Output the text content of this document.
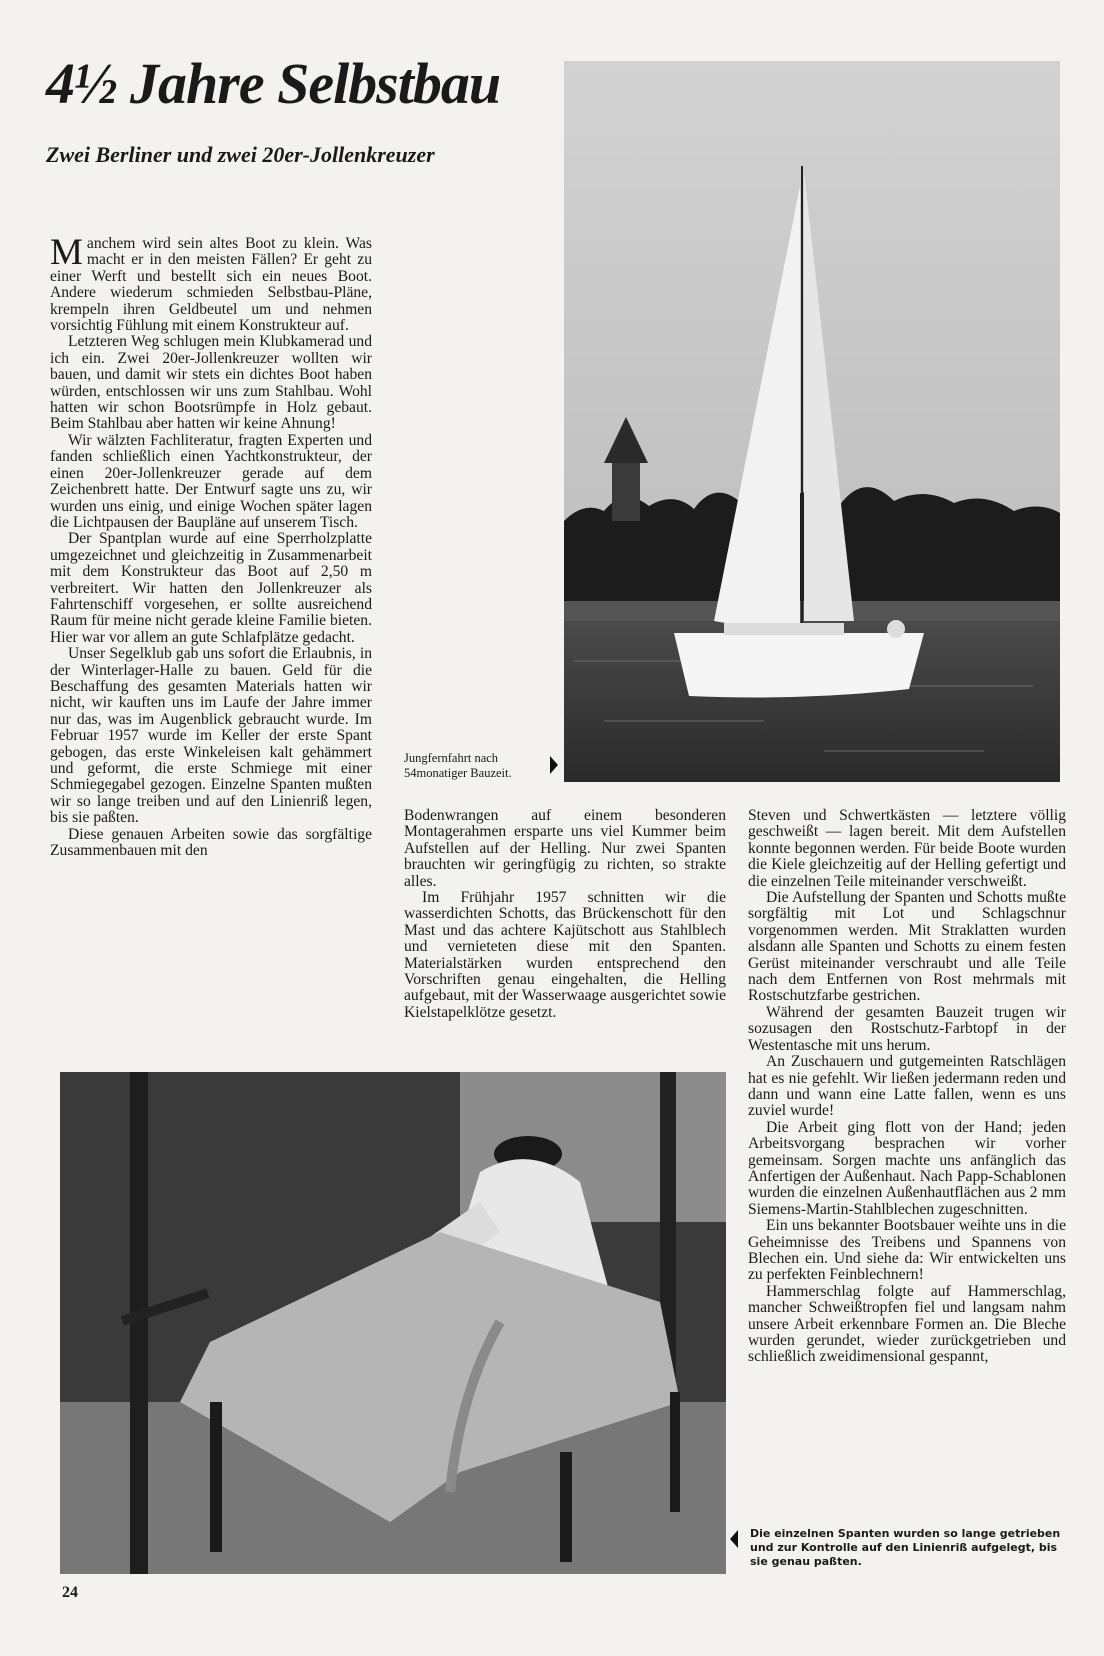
4½ Jahre Selbstbau
Zwei Berliner und zwei 20er-Jollenkreuzer

Manchem wird sein altes Boot zu klein. Was macht er in den meisten Fällen? Er geht zu einer Werft und bestellt sich ein neues Boot. Andere wiederum schmieden Selbstbau-Pläne, krempeln ihren Geldbeutel um und nehmen vorsichtig Fühlung mit einem Konstrukteur auf.

Letzteren Weg schlugen mein Klubkamerad und ich ein. Zwei 20er-Jollenkreuzer wollten wir bauen, und damit wir stets ein dichtes Boot haben würden, entschlossen wir uns zum Stahlbau. Wohl hatten wir schon Bootsrümpfe in Holz gebaut. Beim Stahlbau aber hatten wir keine Ahnung!

Wir wälzten Fachliteratur, fragten Experten und fanden schließlich einen Yachtkonstrukteur, der einen 20er-Jollenkreuzer gerade auf dem Zeichenbrett hatte. Der Entwurf sagte uns zu, wir wurden uns einig, und einige Wochen später lagen die Lichtpausen der Baupläne auf unserem Tisch.

Der Spantplan wurde auf eine Sperrholzplatte umgezeichnet und gleichzeitig in Zusammenarbeit mit dem Konstrukteur das Boot auf 2,50 m verbreitert. Wir hatten den Jollenkreuzer als Fahrtenschiff vorgesehen, er sollte ausreichend Raum für meine nicht gerade kleine Familie bieten. Hier war vor allem an gute Schlafplätze gedacht.

Unser Segelklub gab uns sofort die Erlaubnis, in der Winterlager-Halle zu bauen. Geld für die Beschaffung des gesamten Materials hatten wir nicht, wir kauften uns im Laufe der Jahre immer nur das, was im Augenblick gebraucht wurde. Im Februar 1957 wurde im Keller der erste Spant gebogen, das erste Winkeleisen kalt gehämmert und geformt, die erste Schmiege mit einer Schmiegegabel gezogen. Einzelne Spanten mußten wir so lange treiben und auf den Linienriß legen, bis sie paßten.

Diese genauen Arbeiten sowie das sorgfältige Zusammenbauen mit den

Jungfernfahrt nach 54monatiger Bauzeit.

Bodenwrangen auf einem besonderen Montagerahmen ersparte uns viel Kummer beim Aufstellen auf der Helling. Nur zwei Spanten brauchten wir geringfügig zu richten, so strakte alles.

Im Frühjahr 1957 schnitten wir die wasserdichten Schotts, das Brückenschott für den Mast und das achtere Kajütschott aus Stahlblech und vernieteten diese mit den Spanten. Materialstärken wurden entsprechend den Vorschriften genau eingehalten, die Helling aufgebaut, mit der Wasserwaage ausgerichtet sowie Kielstapelklötze gesetzt.

Steven und Schwertkästen — letztere völlig geschweißt — lagen bereit. Mit dem Aufstellen konnte begonnen werden. Für beide Boote wurden die Kiele gleichzeitig auf der Helling gefertigt und die einzelnen Teile miteinander verschweißt.

Die Aufstellung der Spanten und Schotts mußte sorgfältig mit Lot und Schlagschnur vorgenommen werden. Mit Straklatten wurden alsdann alle Spanten und Schotts zu einem festen Gerüst miteinander verschraubt und alle Teile nach dem Entfernen von Rost mehrmals mit Rostschutzfarbe gestrichen.

Während der gesamten Bauzeit trugen wir sozusagen den Rostschutz-Farbtopf in der Westentasche mit uns herum.

An Zuschauern und gutgemeinten Ratschlägen hat es nie gefehlt. Wir ließen jedermann reden und dann und wann eine Latte fallen, wenn es uns zuviel wurde!

Die Arbeit ging flott von der Hand; jeden Arbeitsvorgang besprachen wir vorher gemeinsam. Sorgen machte uns anfänglich das Anfertigen der Außenhaut. Nach Papp-Schablonen wurden die einzelnen Außenhautflächen aus 2 mm Siemens-Martin-Stahlblechen zugeschnitten.

Ein uns bekannter Bootsbauer weihte uns in die Geheimnisse des Treibens und Spannens von Blechen ein. Und siehe da: Wir entwickelten uns zu perfekten Feinblechnern!

Hammerschlag folgte auf Hammerschlag, mancher Schweißtropfen fiel und langsam nahm unsere Arbeit erkennbare Formen an. Die Bleche wurden gerundet, wieder zurückgetrieben und schließlich zweidimensional gespannt,

Die einzelnen Spanten wurden so lange getrieben und zur Kontrolle auf den Linienriß aufgelegt, bis sie genau paßten.
24
